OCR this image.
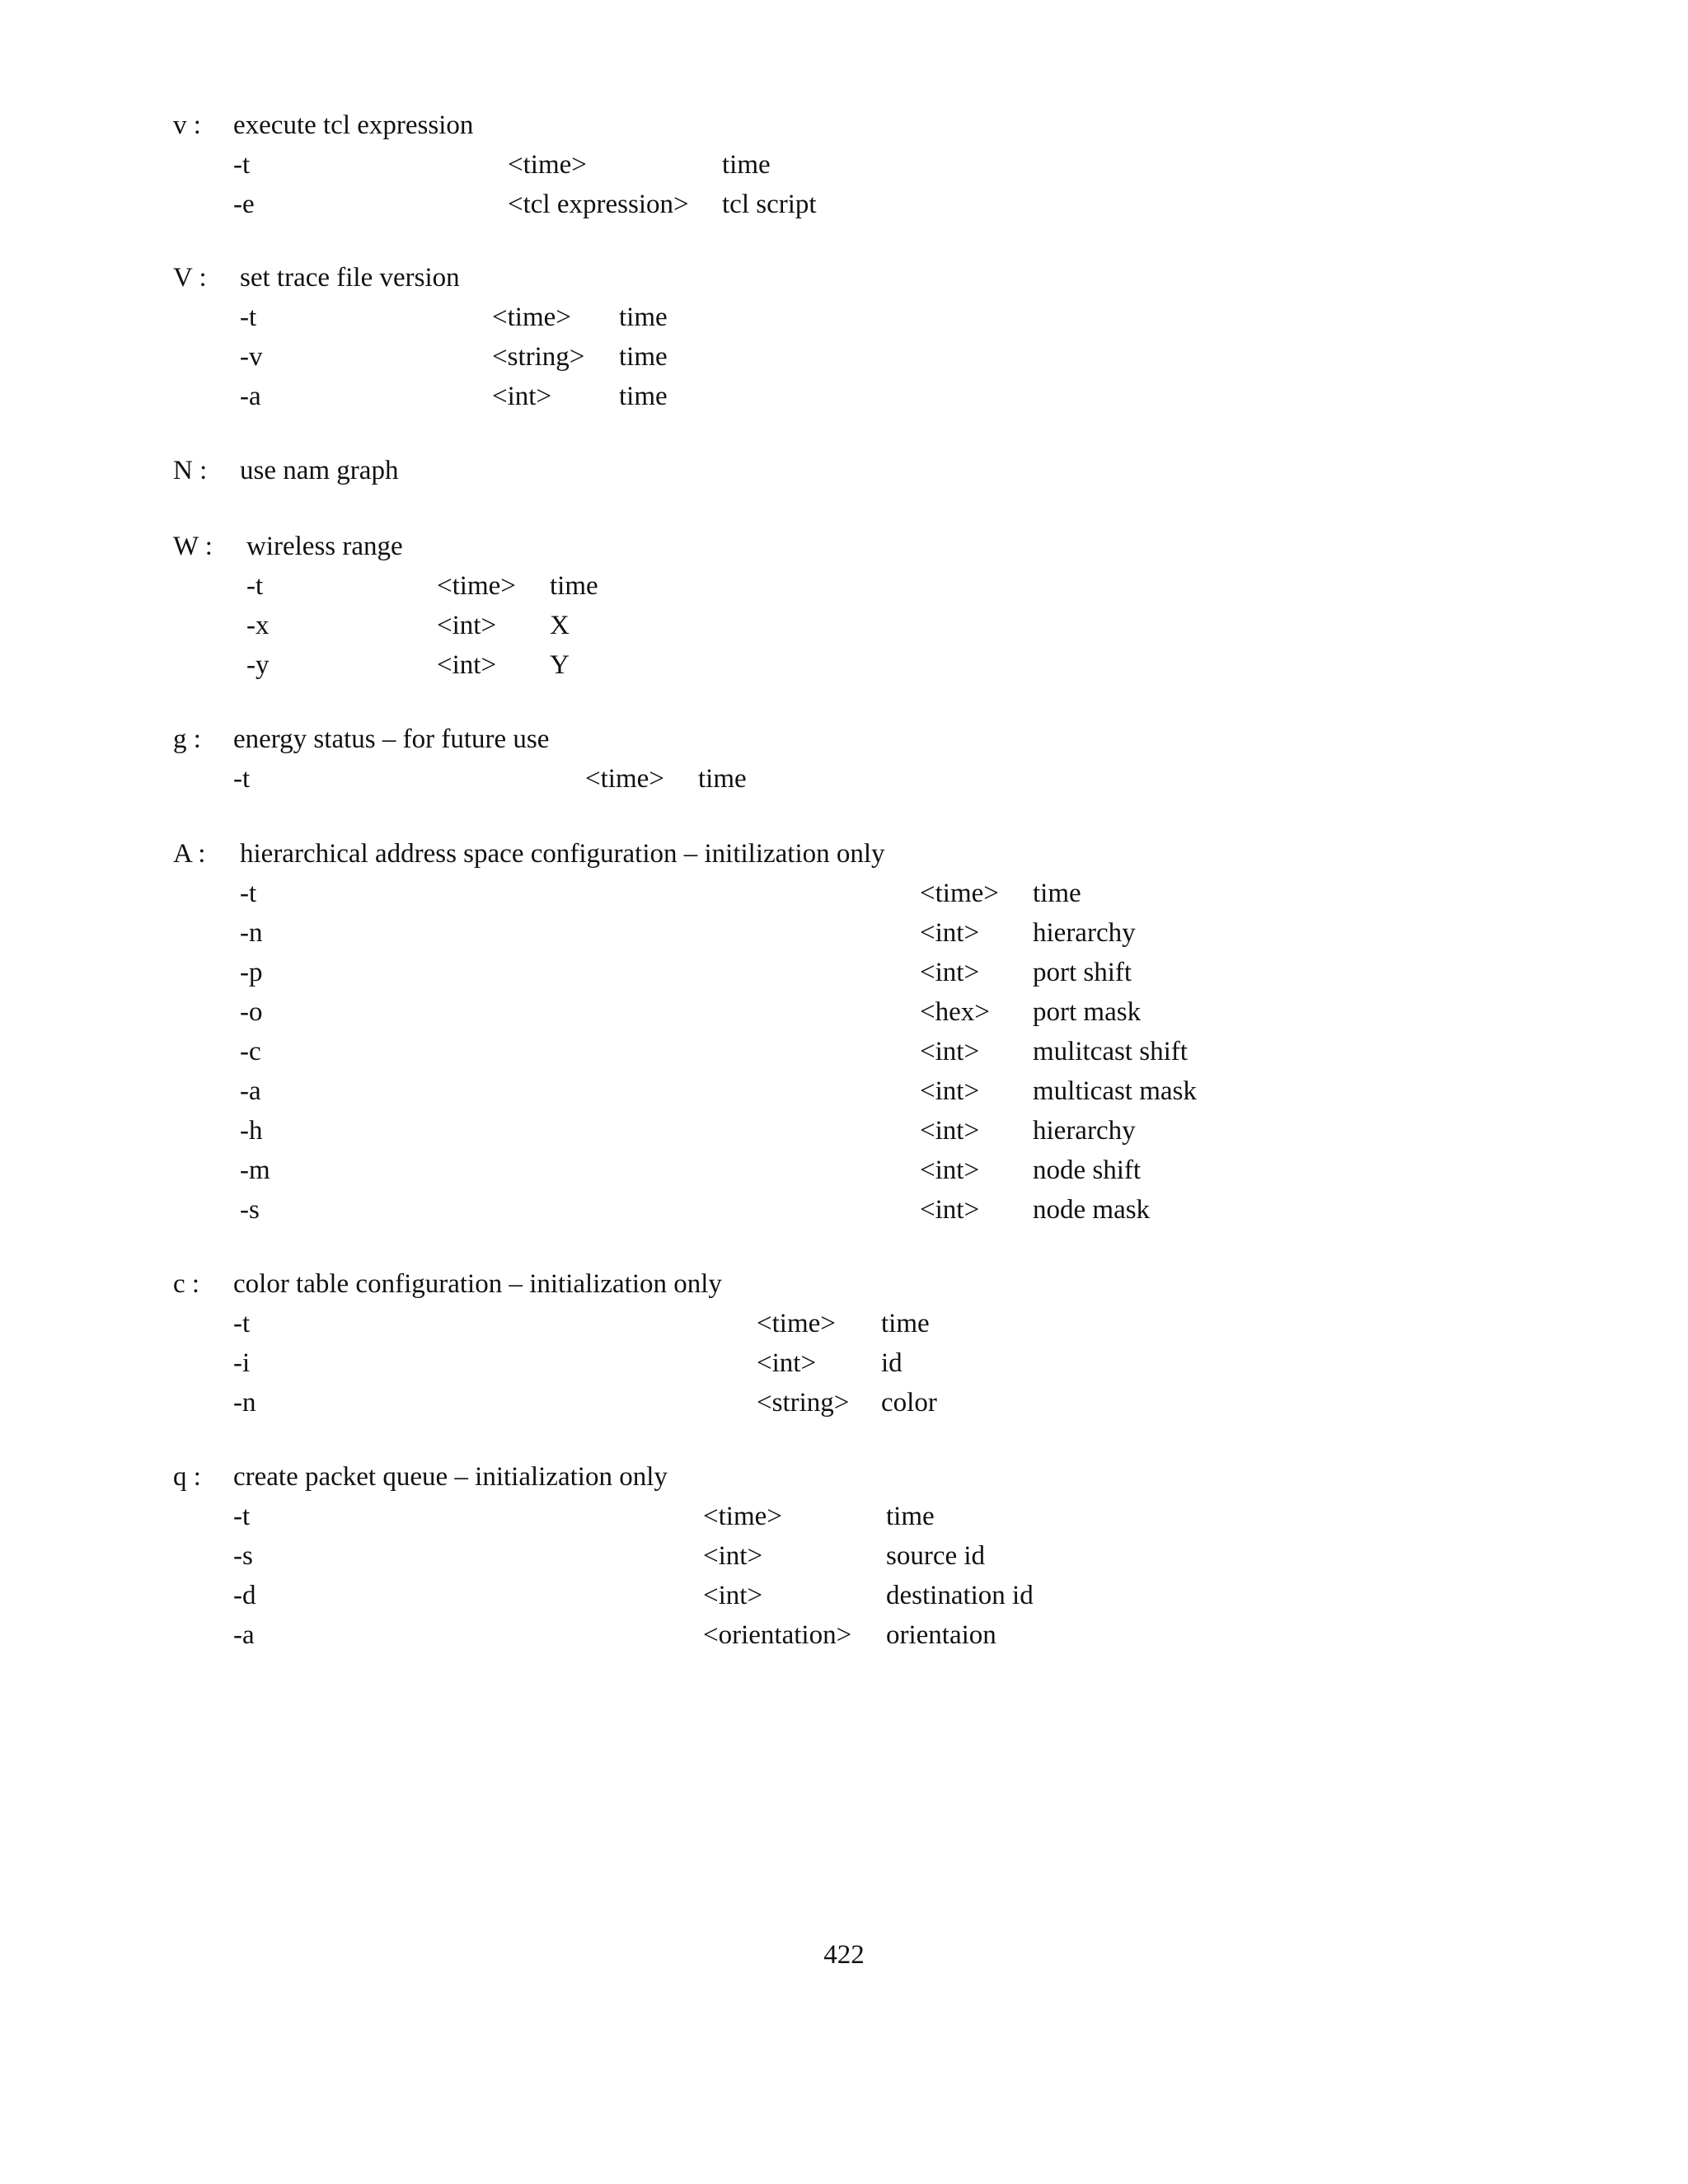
v : execute tcl expression
-t	<time>	time
-e	<tcl expression> tcl script
V : set trace file version
-t	<time> time
-v	<string> time
-a	<int> time
N : use nam graph
W : wireless range
-t	<time> time
-x	<int> X
-y	<int> Y
g : energy status – for future use
-t	<time> time
A : hierarchical address space configuration – initilization only
-t	<time> time
-n	<int> hierarchy
-p	<int> port shift
-o	<hex> port mask
-c	<int> mulitcast shift
-a	<int> multicast mask
-h	<int> hierarchy
-m	<int> node shift
-s	<int> node mask
c : color table configuration – initialization only
-t	<time> time
-i	<int> id
-n	<string> color
q : create packet queue – initialization only
-t	<time>	time
-s	<int>	source id
-d	<int>	destination id
-a	<orientation> orientaion
422
